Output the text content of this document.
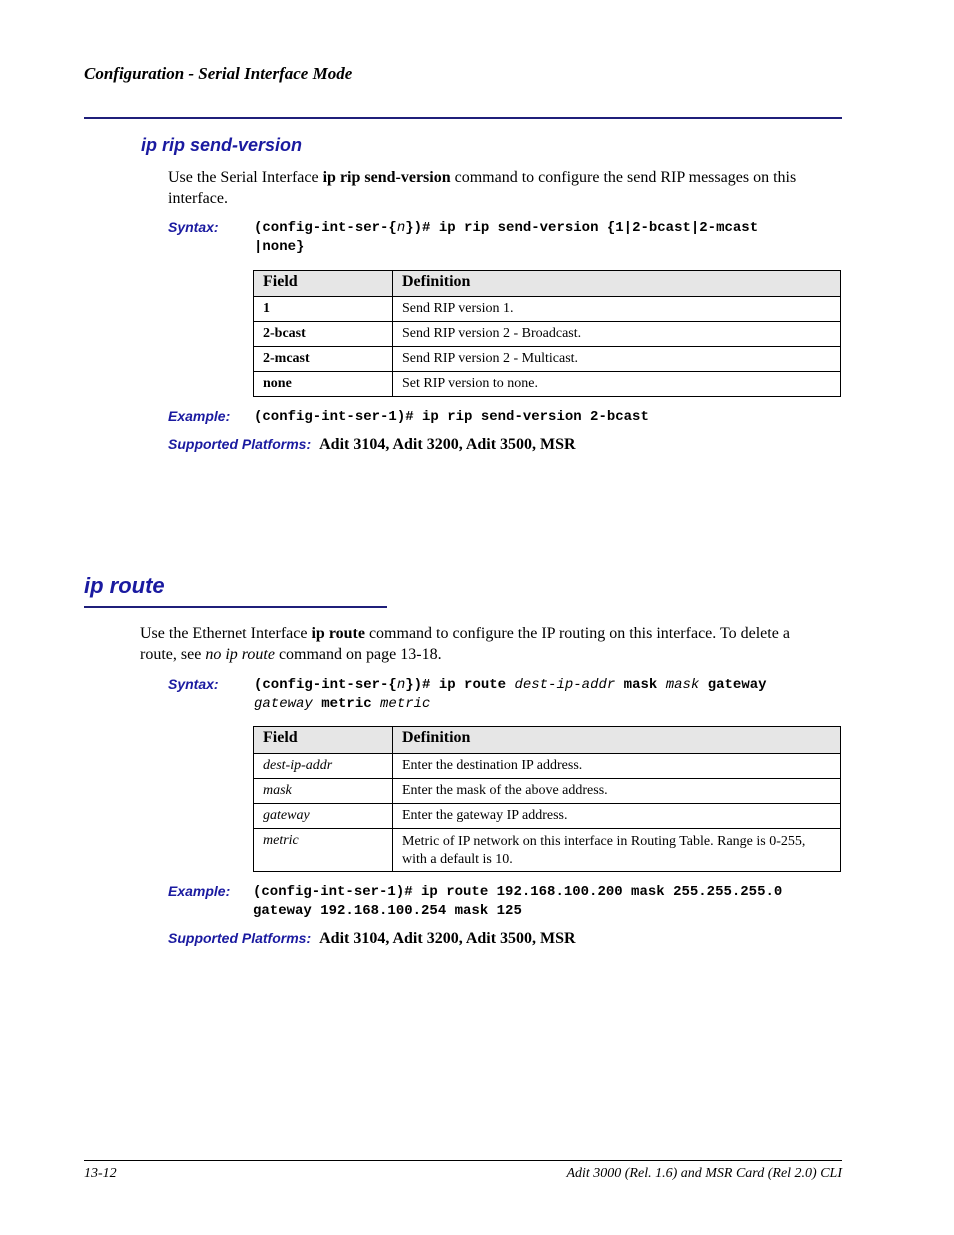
Configuration - Serial Interface Mode
ip rip send-version
Use the Serial Interface ip rip send-version command to configure the send RIP messages on this interface.
Syntax:	(config-int-ser-{n})# ip rip send-version {1|2-bcast|2-mcast
|none}
Field	Definition
1	Send RIP version 1.
2-bcast	Send RIP version 2 - Broadcast.
2-mcast	Send RIP version 2 - Multicast.
none	Set RIP version to none.
Example: (config-int-ser-1)# ip rip send-version 2-bcast
Supported Platforms: Adit 3104, Adit 3200, Adit 3500, MSR
ip route
Use the Ethernet Interface ip route command to configure the IP routing on this interface. To delete a
route, see no ip route command on page 13-18.
Syntax:	(config-int-ser-{n})# ip route dest-ip-addr mask mask gateway
gateway metric metric
Field	Definition
dest-ip-addr	Enter the destination IP address.
mask	Enter the mask of the above address.
gateway	Enter the gateway IP address.
metric	Metric of IP network on this interface in Routing Table. Range is 0-255, with a default is 10.
Example: (config-int-ser-1)# ip route 192.168.100.200 mask 255.255.255.0
gateway 192.168.100.254 mask 125
Supported Platforms: Adit 3104, Adit 3200, Adit 3500, MSR
13-12	Adit 3000 (Rel. 1.6) and MSR Card (Rel 2.0) CLI
